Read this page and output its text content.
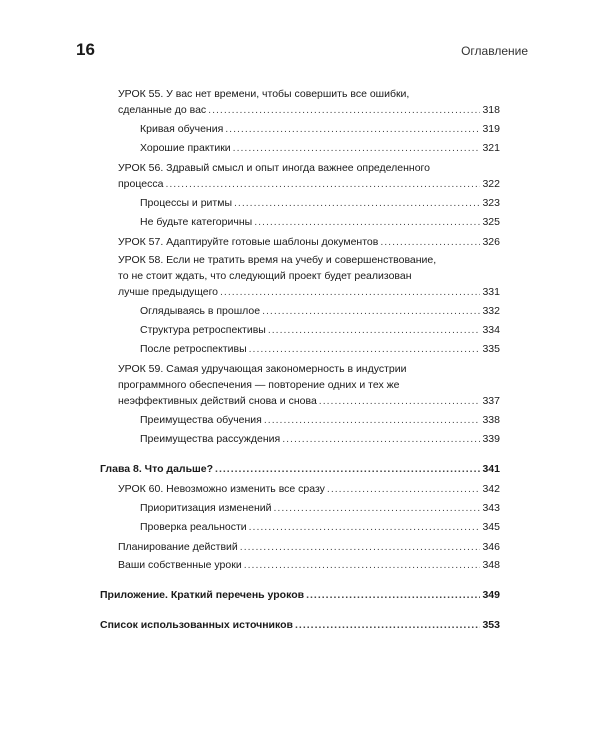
16	Оглавление
УРОК 55. У вас нет времени, чтобы совершить все ошибки,
сделанные до вас .....	318
Кривая обучения .....	319
Хорошие практики .....	321
УРОК 56. Здравый смысл и опыт иногда важнее определенного
процесса .....	322
Процессы и ритмы .....	323
Не будьте категоричны .....	325
УРОК 57. Адаптируйте готовые шаблоны документов .....	326
УРОК 58. Если не тратить время на учебу и совершенствование,
то не стоит ждать, что следующий проект будет реализован
лучше предыдущего .....	331
Оглядываясь в прошлое .....	332
Структура ретроспективы .....	334
После ретроспективы .....	335
УРОК 59. Самая удручающая закономерность в индустрии
программного обеспечения — повторение одних и тех же
неэффективных действий снова и снова .....	337
Преимущества обучения .....	338
Преимущества рассуждения .....	339
Глава 8. Что дальше? .....	341
УРОК 60. Невозможно изменить все сразу .....	342
Приоритизация изменений .....	343
Проверка реальности .....	345
Планирование действий .....	346
Ваши собственные уроки .....	348
Приложение. Краткий перечень уроков .....	349
Список использованных источников .....	353
